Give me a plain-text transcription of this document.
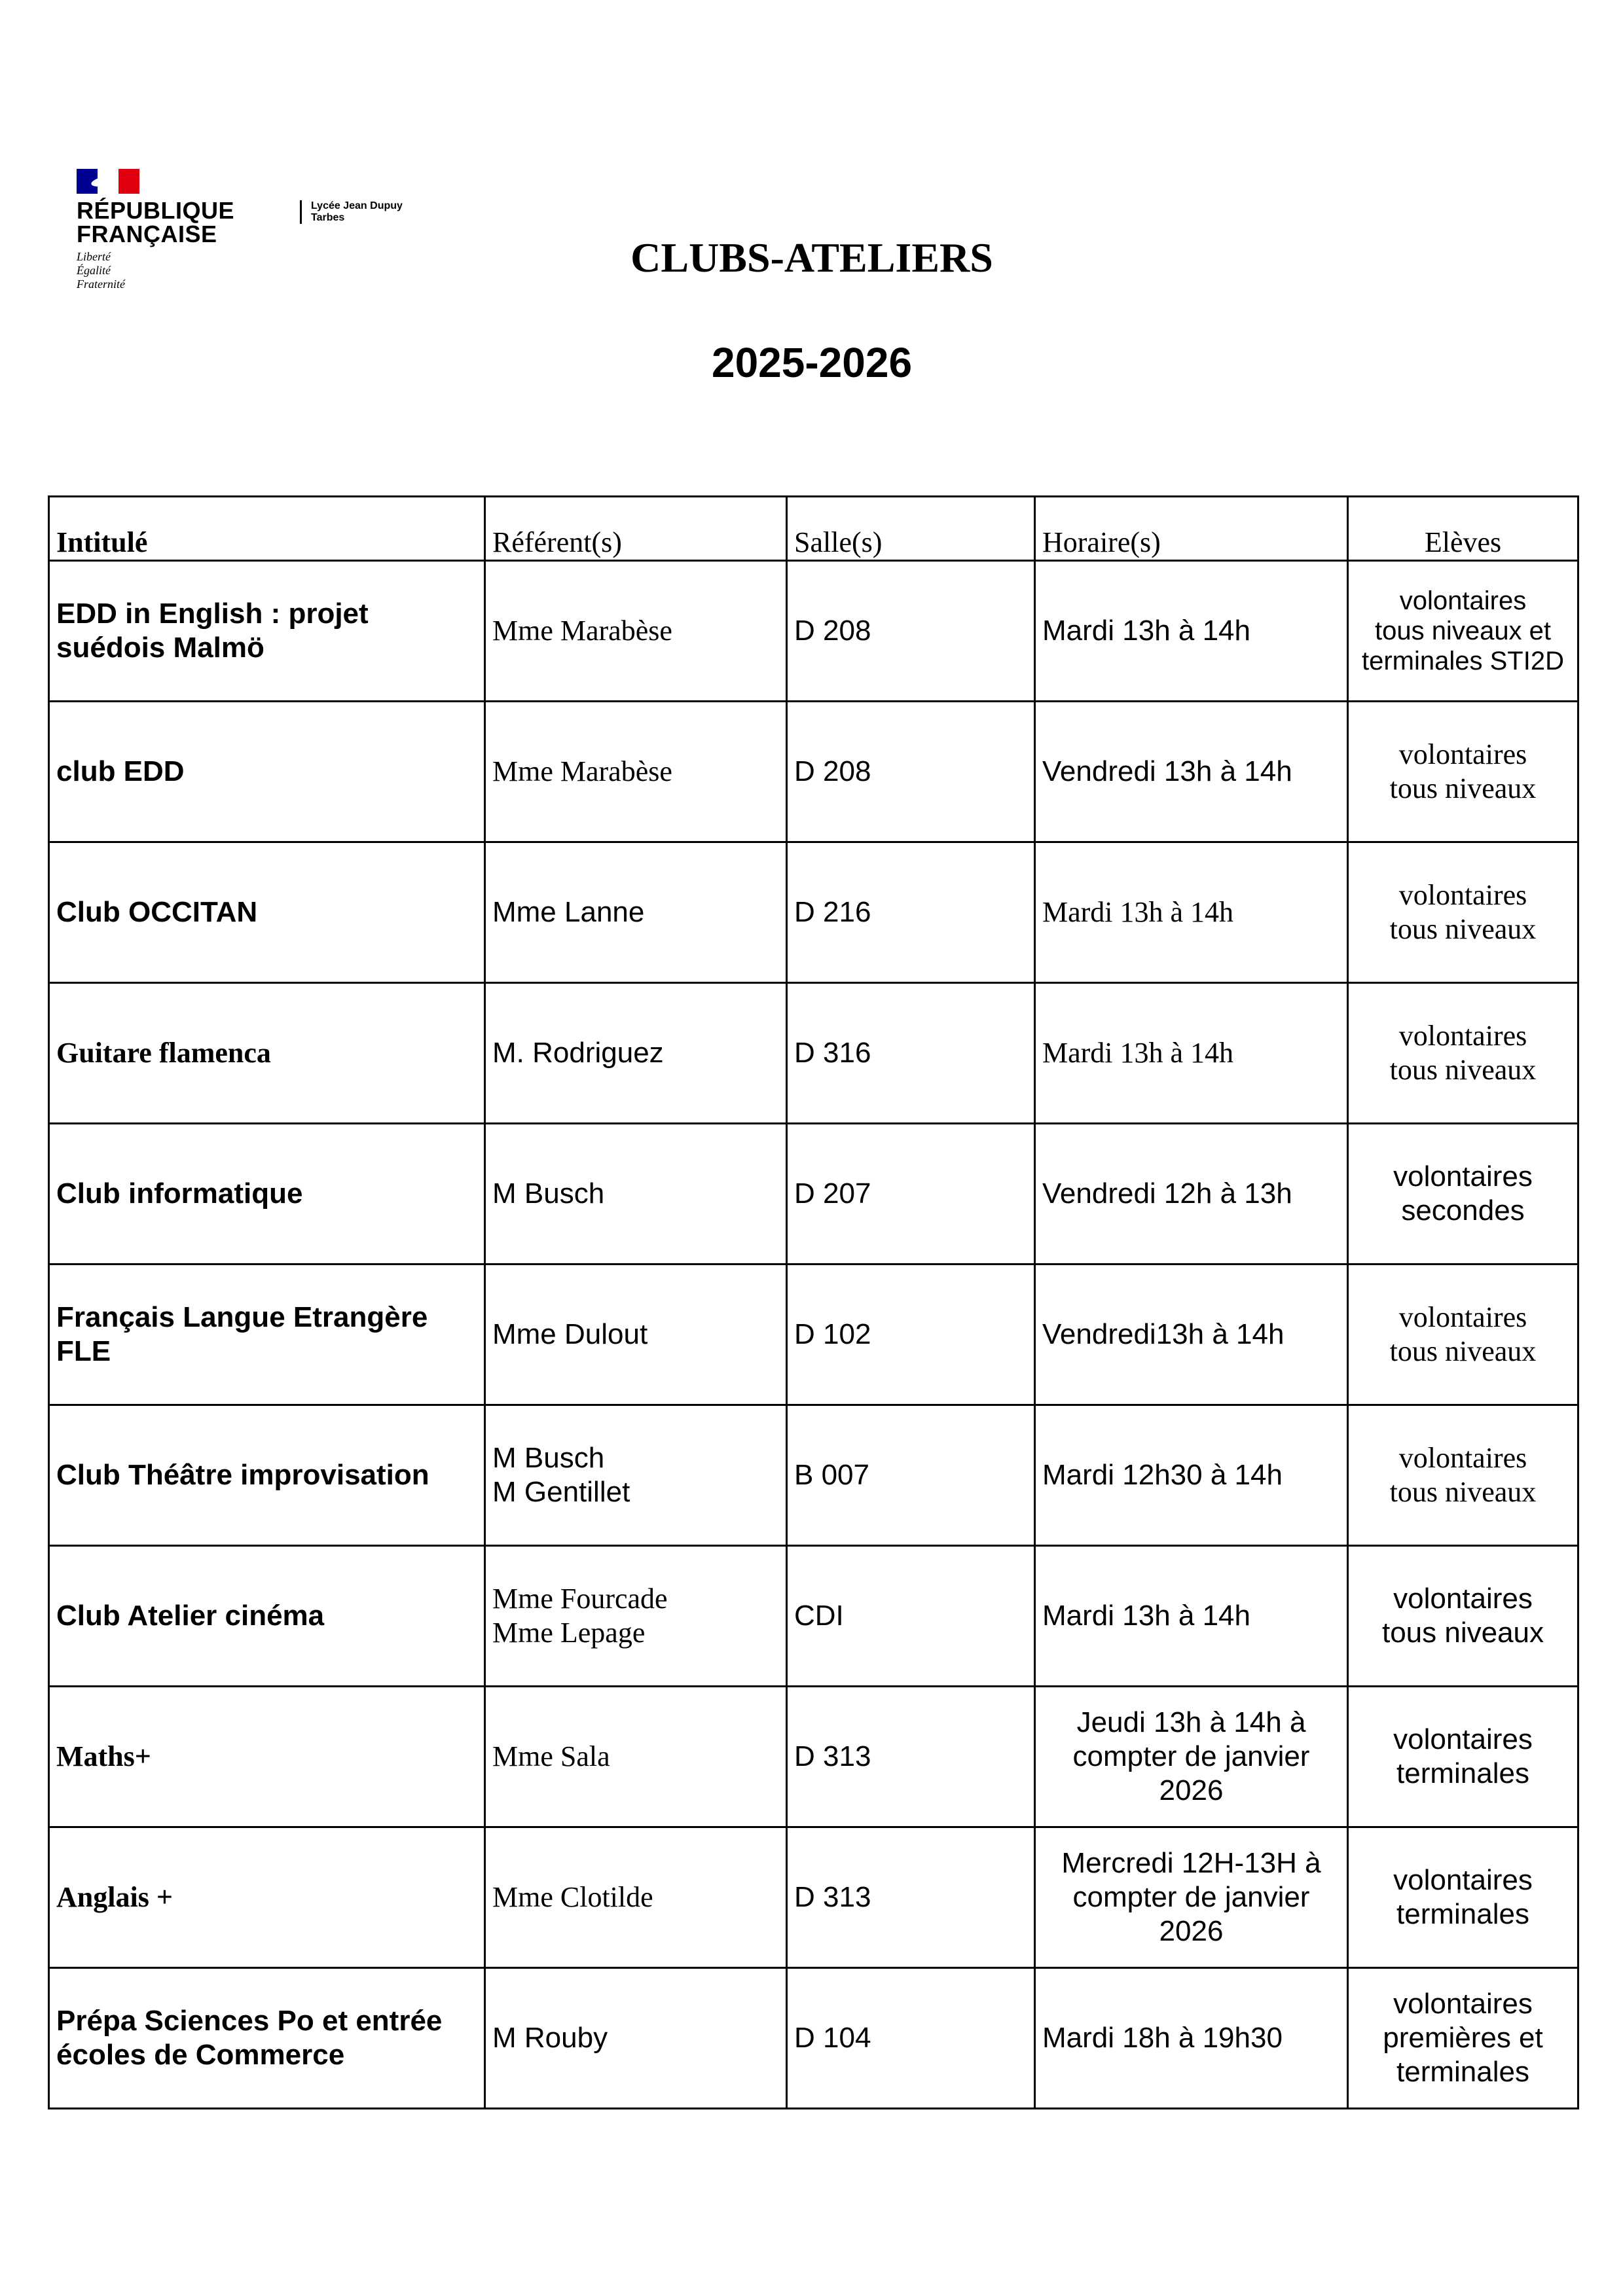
RÉPUBLIQUE
FRANÇAISE
Liberté
Égalité
Fraternité
Lycée Jean Dupuy
Tarbes
CLUBS-ATELIERS
2025-2026
Intitulé	Référent(s)	Salle(s)	Horaire(s)	Elèves
EDD in English : projet suédois Malmö	Mme Marabèse	D 208	Mardi 13h à 14h	volontaires
tous niveaux et
terminales STI2D

club EDD	Mme Marabèse	D 208	Vendredi 13h à 14h	volontaires
tous niveaux

Club OCCITAN	Mme Lanne	D 216	Mardi 13h à 14h	volontaires
tous niveaux

Guitare flamenca	M. Rodriguez	D 316	Mardi 13h à 14h	volontaires
tous niveaux

Club informatique	M Busch	D 207	Vendredi 12h à 13h	volontaires
secondes

Français Langue Etrangère FLE	Mme Dulout	D 102	Vendredi13h à 14h	volontaires
tous niveaux

Club Théâtre improvisation	M Busch
M Gentillet	B 007	Mardi 12h30 à 14h	volontaires
tous niveaux

Club Atelier cinéma	Mme Fourcade
Mme Lepage	CDI	Mardi 13h à 14h	volontaires
tous niveaux

Maths+	Mme Sala	D 313	Jeudi 13h à 14h à
compter de janvier
2026	volontaires
terminales

Anglais +	Mme Clotilde	D 313	Mercredi 12H-13H à
compter de janvier
2026	volontaires
terminales

Prépa Sciences Po et entrée écoles de Commerce	M Rouby	D 104	Mardi 18h à 19h30	volontaires
premières et
terminales
